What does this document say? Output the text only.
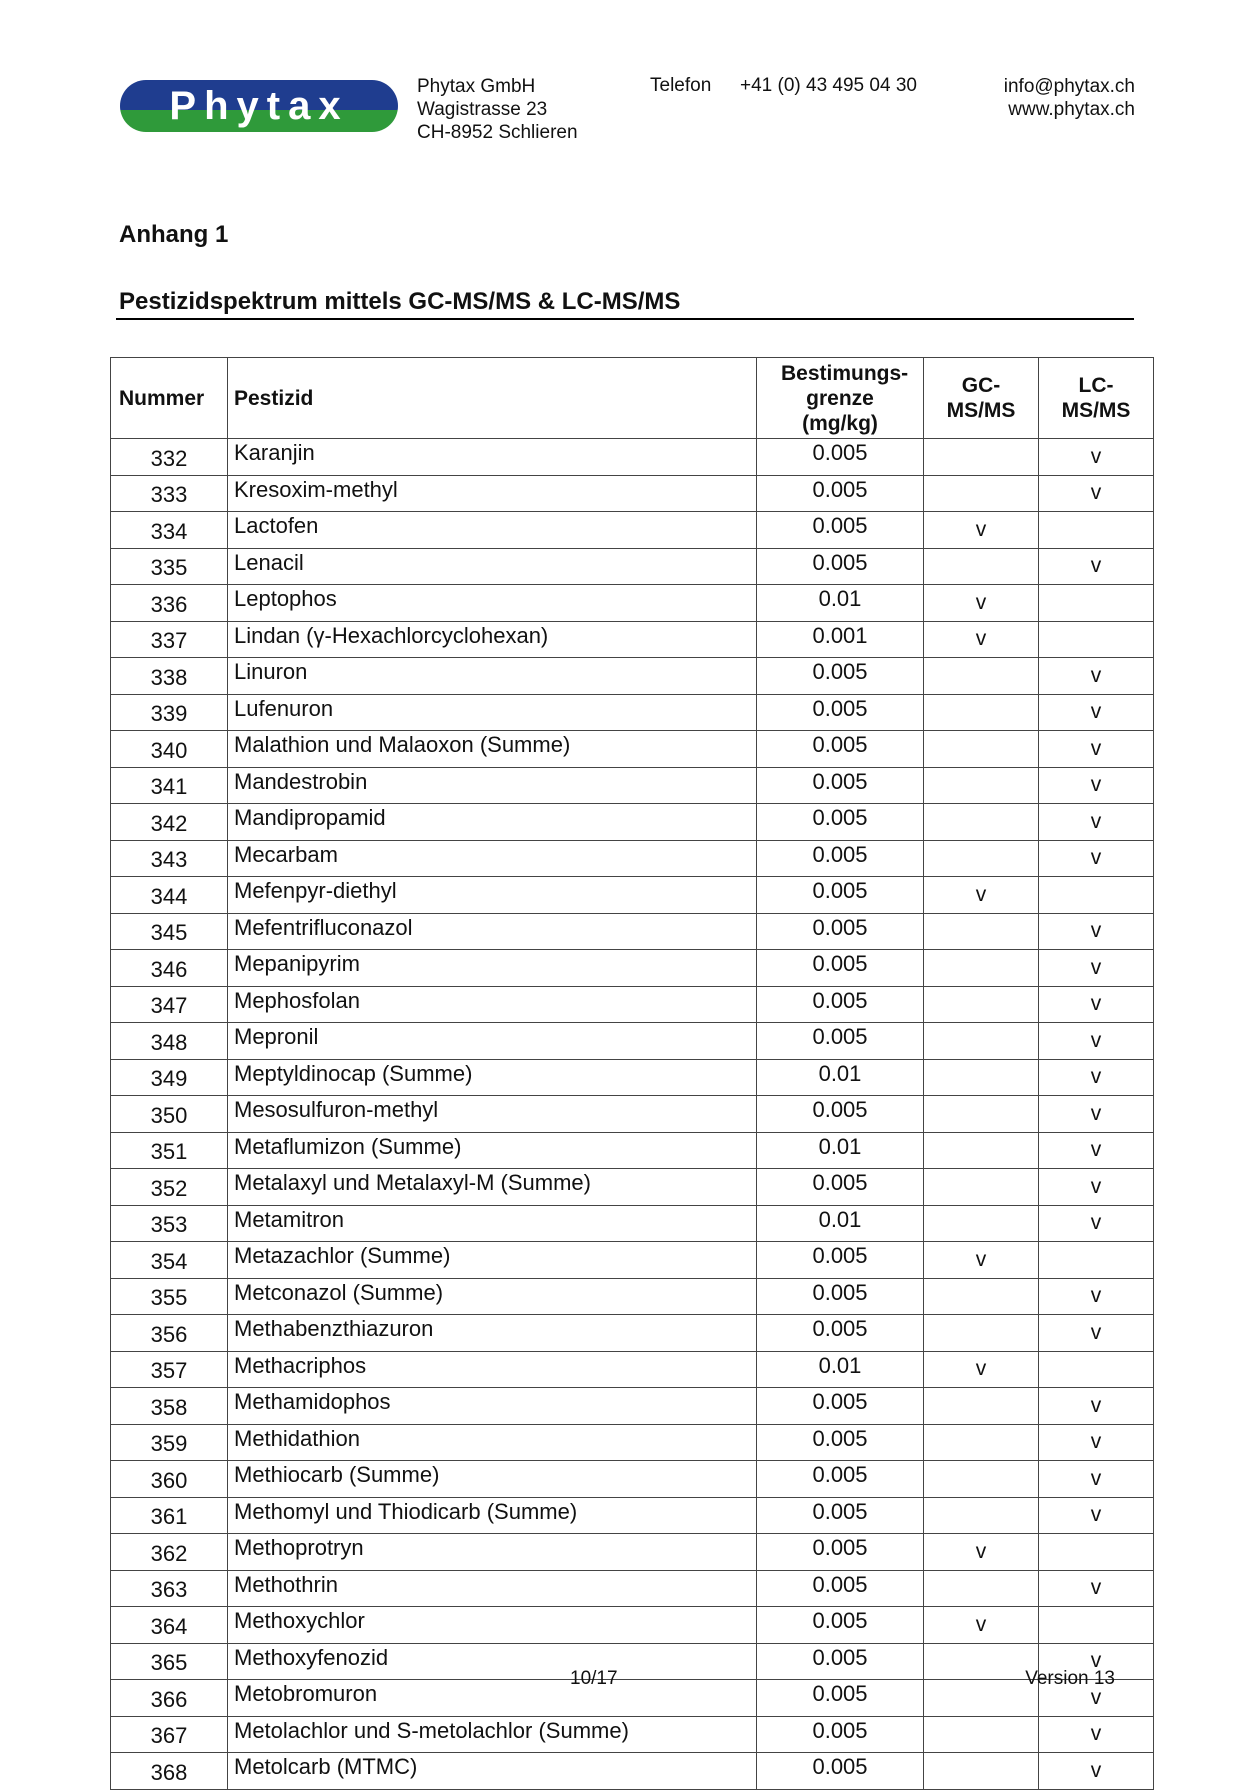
Phytax	Phytax GmbH
Wagistrasse 23
CH-8952 Schlieren
Telefon +41 (0) 43 495 04 30	info@phytax.ch
www.phytax.ch
Anhang 1
Pestizidspektrum mittels GC-MS/MS & LC-MS/MS
Nummer	Pestizid	Bestimungs-grenze (mg/kg)	GC-MS/MS	LC-MS/MS

332	Karanjin	0.005		v
333	Kresoxim-methyl	0.005		v
334	Lactofen	0.005	v	
335	Lenacil	0.005		v
336	Leptophos	0.01	v	
337	Lindan (γ-Hexachlorcyclohexan)	0.001	v	
338	Linuron	0.005		v
339	Lufenuron	0.005		v
340	Malathion und Malaoxon (Summe)	0.005		v
341	Mandestrobin	0.005		v
342	Mandipropamid	0.005		v
343	Mecarbam	0.005		v
344	Mefenpyr-diethyl	0.005	v	
345	Mefentrifluconazol	0.005		v
346	Mepanipyrim	0.005		v
347	Mephosfolan	0.005		v
348	Mepronil	0.005		v
349	Meptyldinocap (Summe)	0.01		v
350	Mesosulfuron-methyl	0.005		v
351	Metaflumizon (Summe)	0.01		v
352	Metalaxyl und Metalaxyl-M (Summe)	0.005		v
353	Metamitron	0.01		v
354	Metazachlor (Summe)	0.005	v	
355	Metconazol (Summe)	0.005		v
356	Methabenzthiazuron	0.005		v
357	Methacriphos	0.01	v	
358	Methamidophos	0.005		v
359	Methidathion	0.005		v
360	Methiocarb (Summe)	0.005		v
361	Methomyl und Thiodicarb (Summe)	0.005		v
362	Methoprotryn	0.005	v	
363	Methothrin	0.005		v
364	Methoxychlor	0.005	v	
365	Methoxyfenozid	0.005		v
366	Metobromuron	0.005		v
367	Metolachlor und S-metolachlor (Summe)	0.005		v
368	Metolcarb (MTMC)	0.005		v
10/17	Version 13
